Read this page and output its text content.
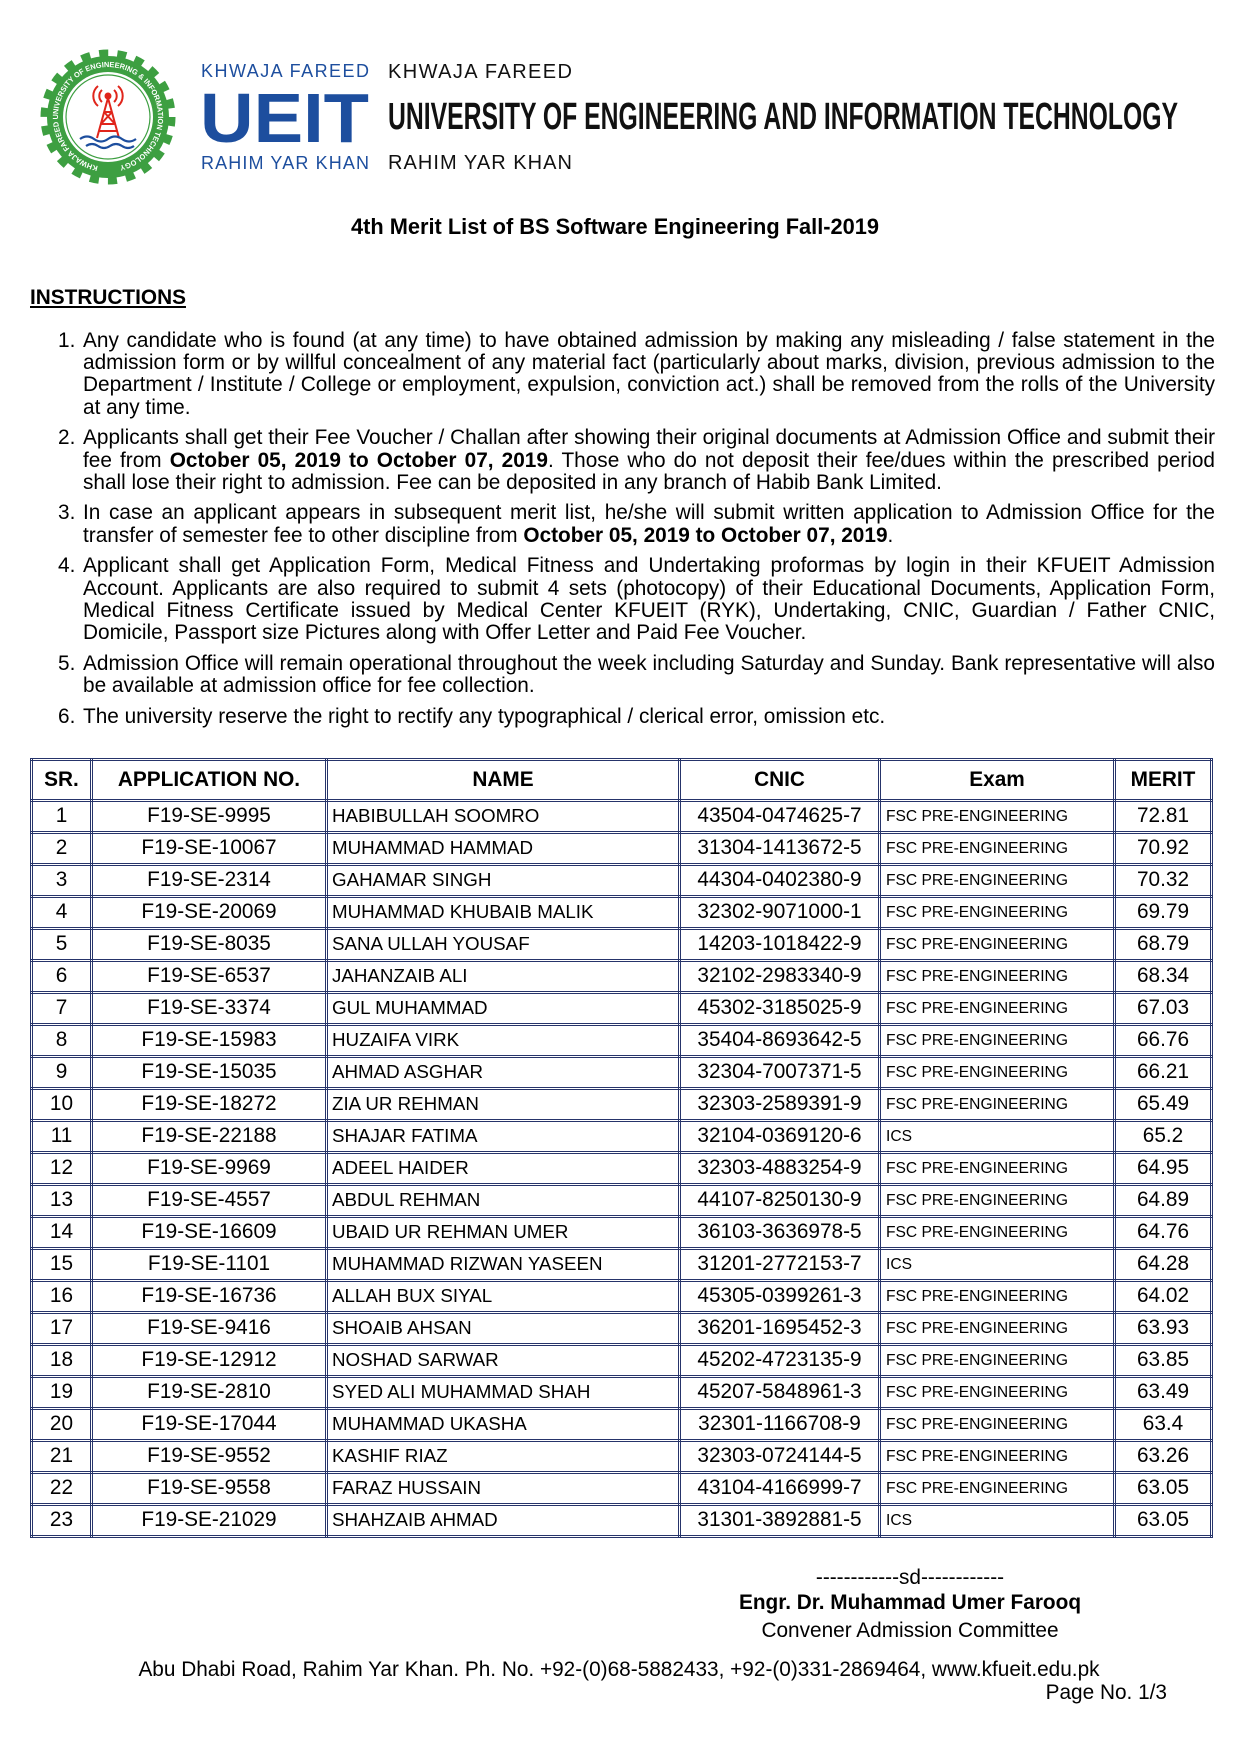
KHWAJA FAREED UNIVERSITY OF ENGINEERING & INFORMATION TECHNOLOGY
KHWAJA FAREED
UEIT
RAHIM YAR KHAN
KHWAJA FAREED
UNIVERSITY OF ENGINEERING AND INFORMATION TECHNOLOGY
RAHIM YAR KHAN
4th Merit List of BS Software Engineering Fall-2019
INSTRUCTIONS
1. Any candidate who is found (at any time) to have obtained admission by making any misleading / false statement in the admission form or by willful concealment of any material fact (particularly about marks, division, previous admission to the Department / Institute / College or employment, expulsion, conviction act.) shall be removed from the rolls of the University at any time.
2. Applicants shall get their Fee Voucher / Challan after showing their original documents at Admission Office and submit their fee from October 05, 2019 to October 07, 2019. Those who do not deposit their fee/dues within the prescribed period shall lose their right to admission. Fee can be deposited in any branch of Habib Bank Limited.
3. In case an applicant appears in subsequent merit list, he/she will submit written application to Admission Office for the transfer of semester fee to other discipline from October 05, 2019 to October 07, 2019.
4. Applicant shall get Application Form, Medical Fitness and Undertaking proformas by login in their KFUEIT Admission Account. Applicants are also required to submit 4 sets (photocopy) of their Educational Documents, Application Form, Medical Fitness Certificate issued by Medical Center KFUEIT (RYK), Undertaking, CNIC, Guardian / Father CNIC, Domicile, Passport size Pictures along with Offer Letter and Paid Fee Voucher.
5. Admission Office will remain operational throughout the week including Saturday and Sunday. Bank representative will also be available at admission office for fee collection.
6. The university reserve the right to rectify any typographical / clerical error, omission etc.
SR.	APPLICATION NO.	NAME	CNIC	Exam	MERIT
1	F19-SE-9995	HABIBULLAH SOOMRO	43504-0474625-7	FSC PRE-ENGINEERING	72.81
2	F19-SE-10067	MUHAMMAD HAMMAD	31304-1413672-5	FSC PRE-ENGINEERING	70.92
3	F19-SE-2314	GAHAMAR SINGH	44304-0402380-9	FSC PRE-ENGINEERING	70.32
4	F19-SE-20069	MUHAMMAD KHUBAIB MALIK	32302-9071000-1	FSC PRE-ENGINEERING	69.79
5	F19-SE-8035	SANA ULLAH YOUSAF	14203-1018422-9	FSC PRE-ENGINEERING	68.79
6	F19-SE-6537	JAHANZAIB ALI	32102-2983340-9	FSC PRE-ENGINEERING	68.34
7	F19-SE-3374	GUL MUHAMMAD	45302-3185025-9	FSC PRE-ENGINEERING	67.03
8	F19-SE-15983	HUZAIFA VIRK	35404-8693642-5	FSC PRE-ENGINEERING	66.76
9	F19-SE-15035	AHMAD ASGHAR	32304-7007371-5	FSC PRE-ENGINEERING	66.21
10	F19-SE-18272	ZIA UR REHMAN	32303-2589391-9	FSC PRE-ENGINEERING	65.49
11	F19-SE-22188	SHAJAR FATIMA	32104-0369120-6	ICS	65.2
12	F19-SE-9969	ADEEL HAIDER	32303-4883254-9	FSC PRE-ENGINEERING	64.95
13	F19-SE-4557	ABDUL REHMAN	44107-8250130-9	FSC PRE-ENGINEERING	64.89
14	F19-SE-16609	UBAID UR REHMAN UMER	36103-3636978-5	FSC PRE-ENGINEERING	64.76
15	F19-SE-1101	MUHAMMAD RIZWAN YASEEN	31201-2772153-7	ICS	64.28
16	F19-SE-16736	ALLAH BUX SIYAL	45305-0399261-3	FSC PRE-ENGINEERING	64.02
17	F19-SE-9416	SHOAIB AHSAN	36201-1695452-3	FSC PRE-ENGINEERING	63.93
18	F19-SE-12912	NOSHAD SARWAR	45202-4723135-9	FSC PRE-ENGINEERING	63.85
19	F19-SE-2810	SYED ALI MUHAMMAD SHAH	45207-5848961-3	FSC PRE-ENGINEERING	63.49
20	F19-SE-17044	MUHAMMAD UKASHA	32301-1166708-9	FSC PRE-ENGINEERING	63.4
21	F19-SE-9552	KASHIF RIAZ	32303-0724144-5	FSC PRE-ENGINEERING	63.26
22	F19-SE-9558	FARAZ HUSSAIN	43104-4166999-7	FSC PRE-ENGINEERING	63.05
23	F19-SE-21029	SHAHZAIB AHMAD	31301-3892881-5	ICS	63.05
------------sd------------
Engr. Dr. Muhammad Umer Farooq
Convener Admission Committee
Abu Dhabi Road, Rahim Yar Khan. Ph. No. +92-(0)68-5882433, +92-(0)331-2869464, www.kfueit.edu.pk
Page No. 1/3
